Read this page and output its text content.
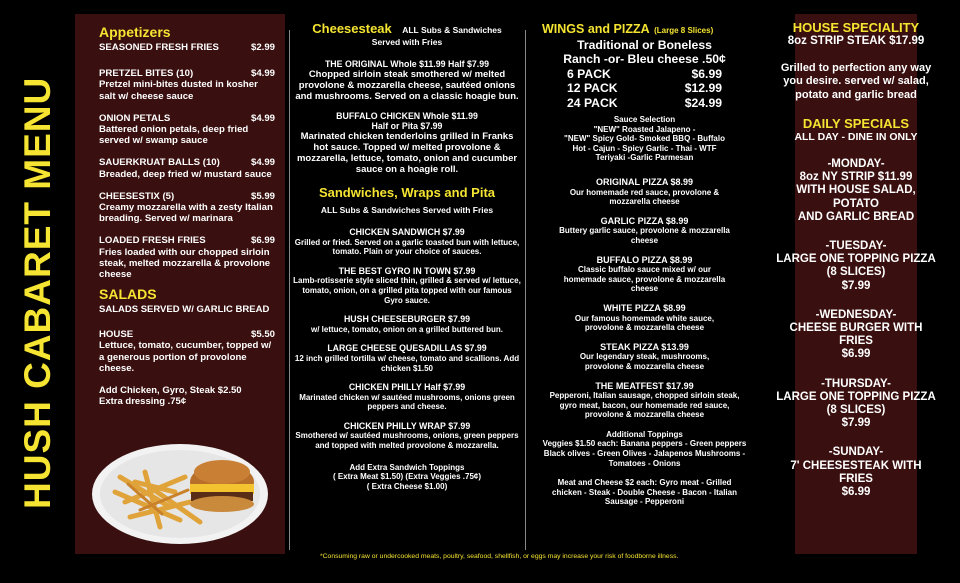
HUSH CABARET MENU
Appetizers
SEASONED FRESH FRIES	$2.99
PRETZEL BITES (10)	$4.99
Pretzel mini-bites dusted in kosher salt w/ cheese sauce
ONION PETALS	$4.99
Battered onion petals, deep fried served w/ swamp sauce
SAUERKRUAT BALLS (10)	$4.99
Breaded, deep fried w/ mustard sauce
CHEESESTIX (5)	$5.99
Creamy mozzarella with a zesty Italian breading. Served w/ marinara
LOADED FRESH FRIES	$6.99
Fries loaded with our chopped sirloin steak, melted mozzarella & provolone cheese
SALADS
SALADS SERVED W/ GARLIC BREAD
HOUSE	$5.50
Lettuce, tomato, cucumber, topped w/ a generous portion of provolone cheese.
Add Chicken, Gyro, Steak $2.50
Extra dressing .75¢
Cheesesteak ALL Subs & Sandwiches
Served with Fries
THE ORIGINAL Whole $11.99 Half $7.99
Chopped sirloin steak smothered w/ melted provolone & mozzarella cheese, sautéed onions and mushrooms. Served on a classic hoagie bun.
BUFFALO CHICKEN Whole $11.99
Half or Pita $7.99
Marinated chicken tenderloins grilled in Franks hot sauce. Topped w/ melted provolone & mozzarella, lettuce, tomato, onion and cucumber sauce on a hoagie roll.
Sandwiches, Wraps and Pita
ALL Subs & Sandwiches Served with Fries
CHICKEN SANDWICH $7.99
Grilled or fried. Served on a garlic toasted bun with lettuce, tomato. Plain or your choice of sauces.
THE BEST GYRO IN TOWN $7.99
Lamb-rotisserie style sliced thin, grilled & served w/ lettuce, tomato, onion, on a grilled pita topped with our famous Gyro sauce.
HUSH CHEESEBURGER $7.99
w/ lettuce, tomato, onion on a grilled buttered bun.
LARGE CHEESE QUESADILLAS $7.99
12 inch grilled tortilla w/ cheese, tomato and scallions. Add chicken $1.50
CHICKEN PHILLY Half $7.99
Marinated chicken w/ sautéed mushrooms, onions green peppers and cheese.
CHICKEN PHILLY WRAP $7.99
Smothered w/ sautéed mushrooms, onions, green peppers and topped with melted provolone & mozzarella.
Add Extra Sandwich Toppings
( Extra Meat $1.50) (Extra Veggies .75¢)
( Extra Cheese $1.00)
WINGS and PIZZA (Large 8 Slices)
Traditional or Boneless
Ranch -or- Bleu cheese .50¢
6 PACK	$6.99
12 PACK	$12.99
24 PACK	$24.99
Sauce Selection
"NEW" Roasted Jalapeno -
"NEW" Spicy Gold- Smoked BBQ - Buffalo
Hot - Cajun - Spicy Garlic - Thai - WTF
Teriyaki -Garlic Parmesan
ORIGINAL PIZZA $8.99
Our homemade red sauce, provolone & mozzarella cheese
GARLIC PIZZA $8.99
Buttery garlic sauce, provolone & mozzarella cheese
BUFFALO PIZZA $8.99
Classic buffalo sauce mixed w/ our homemade sauce, provolone & mozzarella cheese
WHITE PIZZA $8.99
Our famous homemade white sauce, provolone & mozzarella cheese
STEAK PIZZA $13.99
Our legendary steak, mushrooms, provolone & mozzarella cheese
THE MEATFEST $17.99
Pepperoni, Italian sausage, chopped sirloin steak, gyro meat, bacon, our homemade red sauce, provolone & mozzarella cheese
Additional Toppings
Veggies $1.50 each: Banana peppers - Green peppers Black olives - Green Olives - Jalapenos Mushrooms - Tomatoes - Onions
Meat and Cheese $2 each: Gyro meat - Grilled chicken - Steak - Double Cheese - Bacon - Italian Sausage - Pepperoni
HOUSE SPECIALITY
8oz STRIP STEAK $17.99
Grilled to perfection any way you desire. served w/ salad, potato and garlic bread
DAILY SPECIALS
ALL DAY - DINE IN ONLY
-MONDAY-
8oz NY STRIP $11.99
WITH HOUSE SALAD, POTATO
AND GARLIC BREAD
-TUESDAY-
LARGE ONE TOPPING PIZZA
(8 SLICES)
$7.99
-WEDNESDAY-
CHEESE BURGER WITH FRIES
$6.99
-THURSDAY-
LARGE ONE TOPPING PIZZA
(8 SLICES)
$7.99
-SUNDAY-
7' CHEESESTEAK WITH FRIES
$6.99
*Consuming raw or undercooked meats, poultry, seafood, shellfish, or eggs may increase your risk of foodborne illness.
